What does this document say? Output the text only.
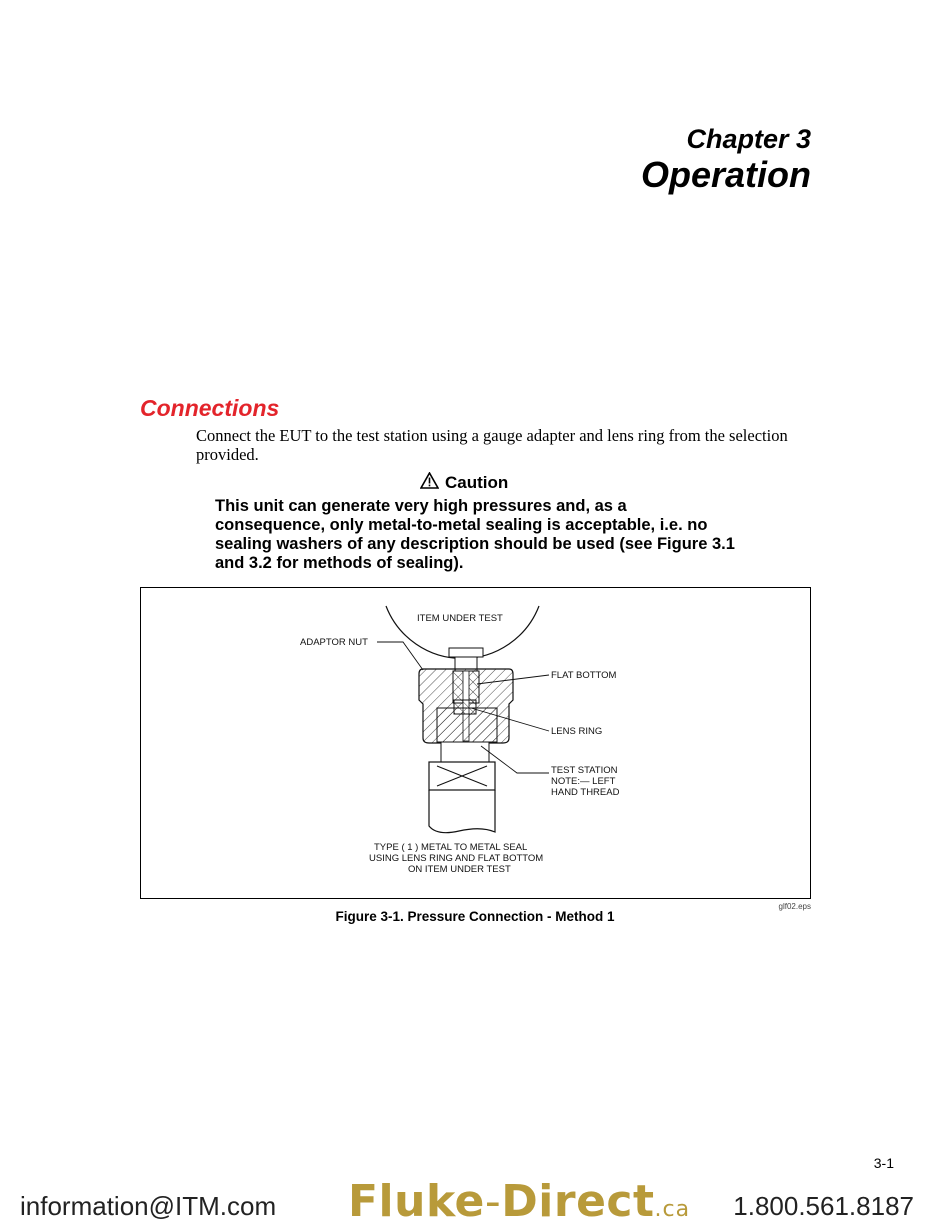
Chapter 3
Operation
Connections
Connect the EUT to the test station using a gauge adapter and lens ring from the selection provided.
Caution
This unit can generate very high pressures and, as a consequence, only metal-to-metal sealing is acceptable, i.e. no sealing washers of any description should be used (see Figure 3.1 and 3.2 for methods of sealing).
ITEM UNDER TEST
ADAPTOR NUT
FLAT BOTTOM
LENS RING
TEST STATION
NOTE:— LEFT
HAND THREAD
TYPE ( 1 ) METAL TO METAL SEAL
USING LENS RING AND FLAT BOTTOM
ON ITEM UNDER TEST
glf02.eps
Figure 3-1. Pressure Connection - Method 1
3-1
information@ITM.com Fluke-Direct.ca 1.800.561.8187
